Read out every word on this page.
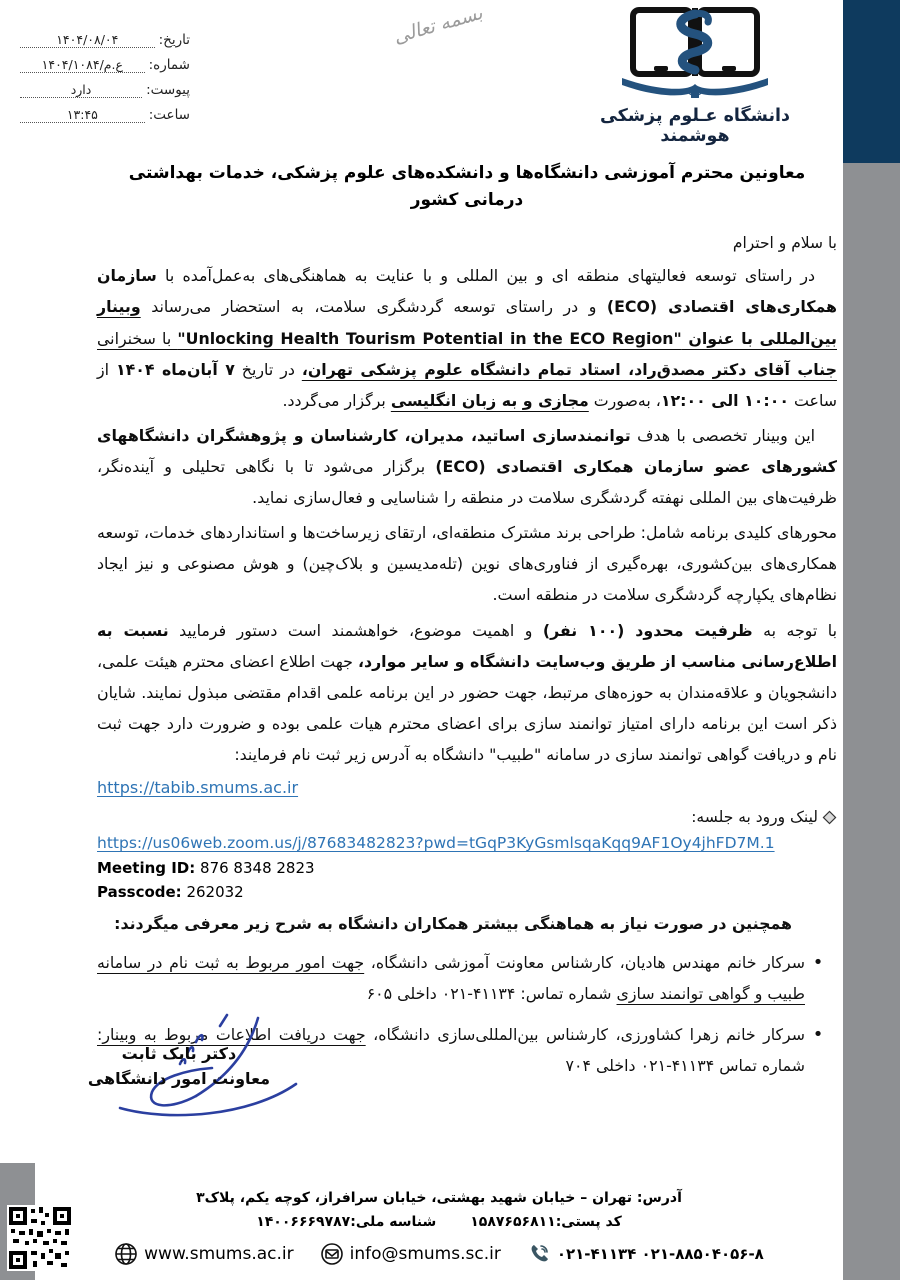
بسمه تعالی
تاریخ:
۱۴۰۴/۰۸/۰۴
شماره:
۱۴۰۴/ع.م/۱۰۸۴
پیوست:
دارد
ساعت:
۱۳:۴۵	دانشگاه عـلوم پزشکی هوشمند
معاونین محترم آموزشی دانشگاه‌ها و دانشکده‌های علوم پزشکی، خدمات بهداشتی درمانی کشور
با سلام و احترام

در راستای توسعه فعالیتهای منطقه ای و بین المللی و با عنایت به هماهنگی‌های به‌عمل‌آمده با سازمان همکاری‌های اقتصادی (ECO) و در راستای توسعه گردشگری سلامت، به استحضار می‌رساند وبینار بین‌المللی با عنوان "Unlocking Health Tourism Potential in the ECO Region" با سخنرانی جناب آقای دکتر مصدق‌راد، استاد تمام دانشگاه علوم پزشکی تهران، در تاریخ ۷ آبان‌ماه ۱۴۰۴ از ساعت ۱۰:۰۰ الی ۱۲:۰۰، به‌صورت مجازی و به زبان انگلیسی برگزار می‌گردد.

این وبینار تخصصی با هدف توانمندسازی اساتید، مدیران، کارشناسان و پژوهشگران دانشگاههای کشورهای عضو سازمان همکاری اقتصادی (ECO) برگزار می‌شود تا با نگاهی تحلیلی و آینده‌نگر، ظرفیت‌های بین المللی نهفته گردشگری سلامت در منطقه را شناسایی و فعال‌سازی نماید.

محورهای کلیدی برنامه شامل: طراحی برند مشترک منطقه‌ای، ارتقای زیرساخت‌ها و استانداردهای خدمات، توسعه همکاری‌های بین‌کشوری، بهره‌گیری از فناوری‌های نوین (تله‌مدیسین و بلاک‌چین) و هوش مصنوعی و نیز ایجاد نظام‌های یکپارچه گردشگری سلامت در منطقه است.

با توجه به ظرفیت محدود (۱۰۰ نفر) و اهمیت موضوع، خواهشمند است دستور فرمایید نسبت به اطلاع‌رسانی مناسب از طریق وب‌سایت دانشگاه و سایر موارد، جهت اطلاع اعضای محترم هیئت علمی، دانشجویان و علاقه‌مندان به حوزه‌های مرتبط، جهت حضور در این برنامه علمی اقدام مقتضی مبذول نمایند. شایان ذکر است این برنامه دارای امتیاز توانمند سازی برای اعضای محترم هیات علمی بوده و ضرورت دارد جهت ثبت نام و دریافت گواهی توانمند سازی در سامانه "طبیب" دانشگاه به آدرس زیر ثبت نام فرمایند:

https://tabib.smums.ac.ir
لینک ورود به جلسه:
https://us06web.zoom.us/j/87683482823?pwd=tGqP3KyGsmlsqaKqq9AF1Oy4jhFD7M.1
Meeting ID: 876 8348 2823
Passcode: 262032
همچنین در صورت نیاز به هماهنگی بیشتر همکاران دانشگاه به شرح زیر معرفی میگردند:
•
سرکار خانم مهندس هادیان، کارشناس معاونت آموزشی دانشگاه، جهت امور مربوط به ثبت نام در سامانه طبیب و گواهی توانمند سازی شماره تماس: ۴۱۱۳۴-۰۲۱ داخلی ۶۰۵
•
سرکار خانم زهرا کشاورزی، کارشناس بین‌المللی‌سازی دانشگاه، جهت دریافت اطلاعات مربوط به وبینار: شماره تماس ۴۱۱۳۴-۰۲۱ داخلی ۷۰۴
دکتر بابک ثابت
معاونت امور دانشگاهی
آدرس: تهران – خیابان شهید بهشتی، خیابان سرافراز، کوچه یکم، پلاک۳
کد پستی:۱۵۸۷۶۵۶۸۱۱
شناسه ملی:۱۴۰۰۶۶۶۹۷۸۷
www.smums.ac.ir	info@smums.sc.ir	۰۲۱-۴۱۱۳۴ ۰۲۱-۸۸۵۰۴۰۵۶-۸
